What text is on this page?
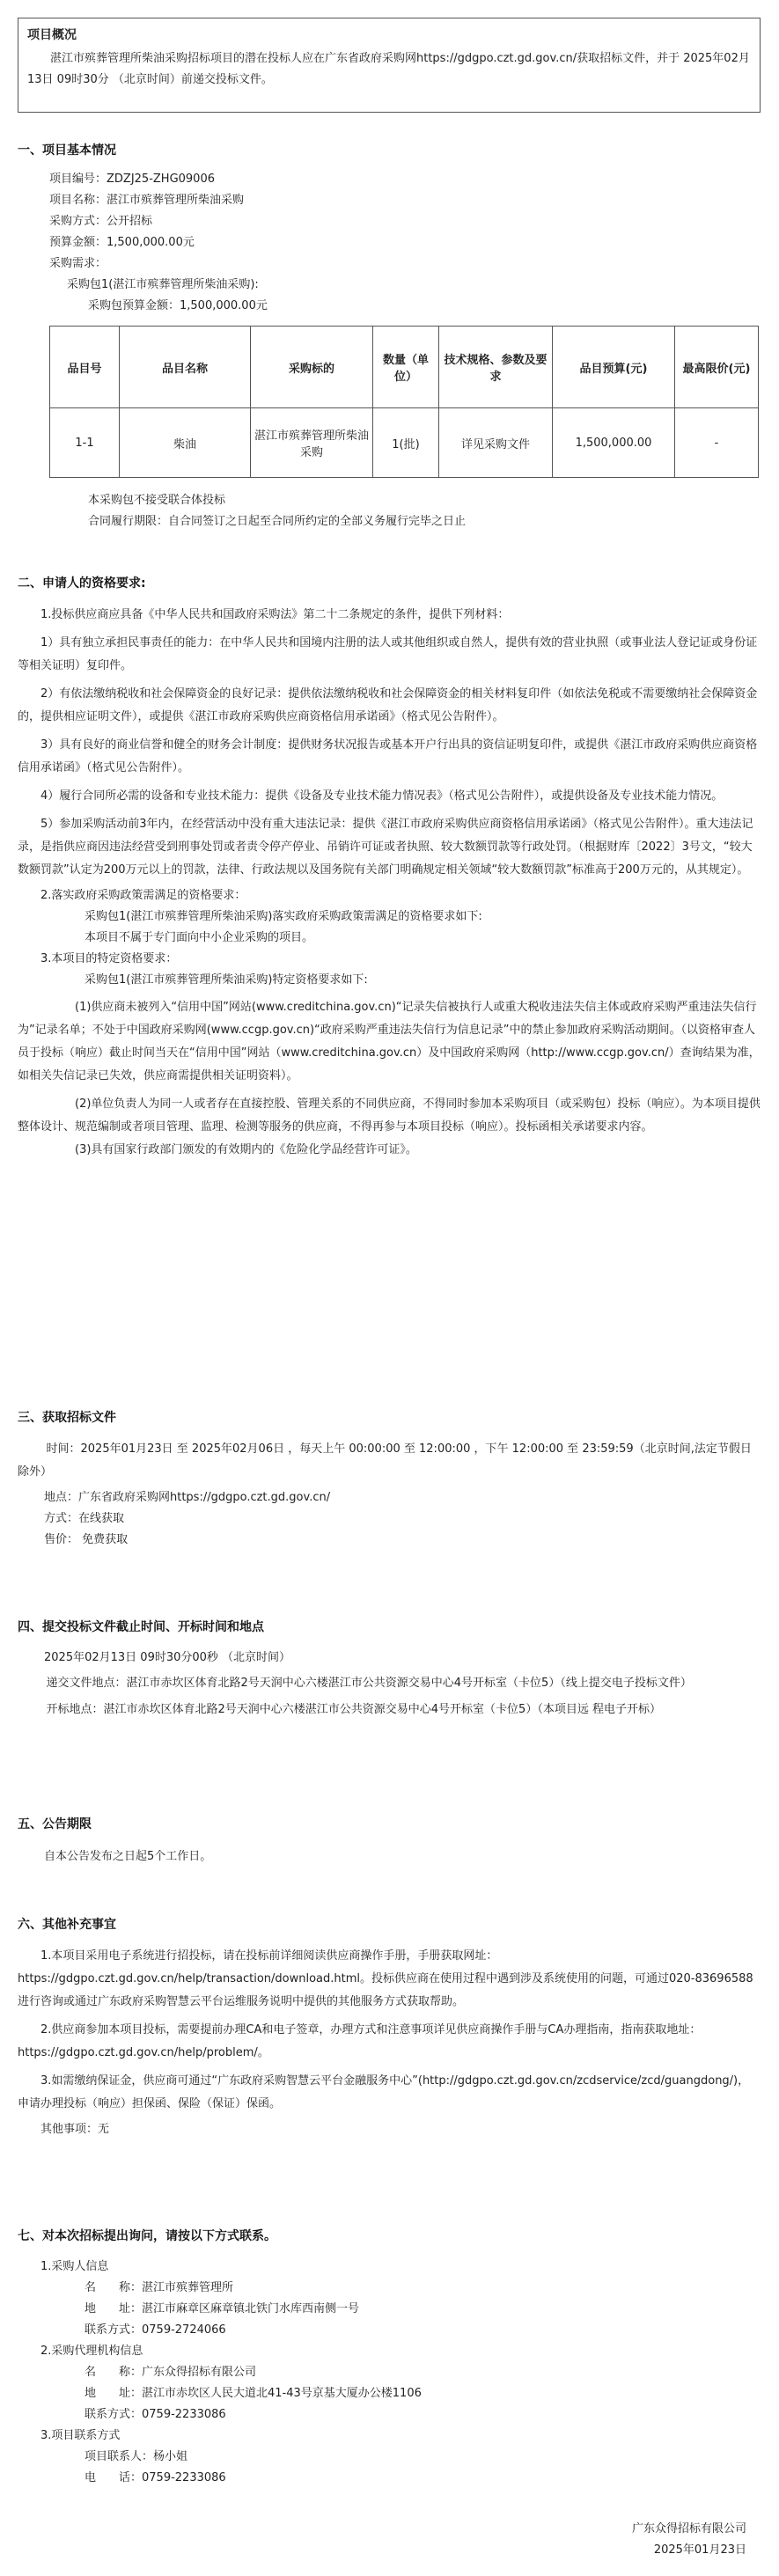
项目概况
湛江市殡葬管理所柴油采购招标项目的潜在投标人应在广东省政府采购网https://gdgpo.czt.gd.gov.cn/获取招标文件，并于 2025年02月13日 09时30分 （北京时间）前递交投标文件。
一、项目基本情况
项目编号：ZDZJ25-ZHG09006
项目名称：湛江市殡葬管理所柴油采购
采购方式：公开招标
预算金额：1,500,000.00元
采购需求：
采购包1(湛江市殡葬管理所柴油采购):
采购包预算金额：1,500,000.00元
品目号	品目名称	采购标的	数量（单位）	技术规格、参数及要求	品目预算(元)	最高限价(元)
1-1	柴油	湛江市殡葬管理所柴油采购	1(批)	详见采购文件	1,500,000.00	-
本采购包不接受联合体投标
合同履行期限：自合同签订之日起至合同所约定的全部义务履行完毕之日止
二、申请人的资格要求:
1.投标供应商应具备《中华人民共和国政府采购法》第二十二条规定的条件，提供下列材料：
1）具有独立承担民事责任的能力：在中华人民共和国境内注册的法人或其他组织或自然人，提供有效的营业执照（或事业法人登记证或身份证等相关证明）复印件。
2）有依法缴纳税收和社会保障资金的良好记录：提供依法缴纳税收和社会保障资金的相关材料复印件（如依法免税或不需要缴纳社会保障资金的，提供相应证明文件），或提供《湛江市政府采购供应商资格信用承诺函》（格式见公告附件）。
3）具有良好的商业信誉和健全的财务会计制度：提供财务状况报告或基本开户行出具的资信证明复印件，或提供《湛江市政府采购供应商资格信用承诺函》（格式见公告附件）。
4）履行合同所必需的设备和专业技术能力：提供《设备及专业技术能力情况表》（格式见公告附件），或提供设备及专业技术能力情况。
5）参加采购活动前3年内，在经营活动中没有重大违法记录：提供《湛江市政府采购供应商资格信用承诺函》（格式见公告附件）。重大违法记录，是指供应商因违法经营受到刑事处罚或者责令停产停业、吊销许可证或者执照、较大数额罚款等行政处罚。（根据财库〔2022〕3号文，“较大数额罚款”认定为200万元以上的罚款，法律、行政法规以及国务院有关部门明确规定相关领域“较大数额罚款”标准高于200万元的，从其规定）。
2.落实政府采购政策需满足的资格要求：
采购包1(湛江市殡葬管理所柴油采购)落实政府采购政策需满足的资格要求如下:
本项目不属于专门面向中小企业采购的项目。
3.本项目的特定资格要求：
采购包1(湛江市殡葬管理所柴油采购)特定资格要求如下:
(1)供应商未被列入“信用中国”网站(www.creditchina.gov.cn)“记录失信被执行人或重大税收违法失信主体或政府采购严重违法失信行为”记录名单；不处于中国政府采购网(www.ccgp.gov.cn)“政府采购严重违法失信行为信息记录”中的禁止参加政府采购活动期间。（以资格审查人员于投标（响应）截止时间当天在“信用中国”网站（www.creditchina.gov.cn）及中国政府采购网（http://www.ccgp.gov.cn/）查询结果为准，如相关失信记录已失效，供应商需提供相关证明资料）。
(2)单位负责人为同一人或者存在直接控股、管理关系的不同供应商，不得同时参加本采购项目（或采购包）投标（响应）。为本项目提供整体设计、规范编制或者项目管理、监理、检测等服务的供应商，不得再参与本项目投标（响应）。投标函相关承诺要求内容。
(3)具有国家行政部门颁发的有效期内的《危险化学品经营许可证》。
三、获取招标文件
时间：2025年01月23日 至 2025年02月06日 ，每天上午 00:00:00 至 12:00:00 ，下午 12:00:00 至 23:59:59（北京时间,法定节假日除外）
地点：广东省政府采购网https://gdgpo.czt.gd.gov.cn/
方式：在线获取
售价： 免费获取
四、提交投标文件截止时间、开标时间和地点
2025年02月13日 09时30分00秒 （北京时间）
递交文件地点：湛江市赤坎区体育北路2号天润中心六楼湛江市公共资源交易中心4号开标室（卡位5）（线上提交电子投标文件）
开标地点：湛江市赤坎区体育北路2号天润中心六楼湛江市公共资源交易中心4号开标室（卡位5）（本项目远 程电子开标）
五、公告期限
自本公告发布之日起5个工作日。
六、其他补充事宜
1.本项目采用电子系统进行招投标，请在投标前详细阅读供应商操作手册，手册获取网址：https://gdgpo.czt.gd.gov.cn/help/transaction/download.html。投标供应商在使用过程中遇到涉及系统使用的问题，可通过020-83696588 进行咨询或通过广东政府采购智慧云平台运维服务说明中提供的其他服务方式获取帮助。
2.供应商参加本项目投标，需要提前办理CA和电子签章，办理方式和注意事项详见供应商操作手册与CA办理指南，指南获取地址：https://gdgpo.czt.gd.gov.cn/help/problem/。
3.如需缴纳保证金，供应商可通过“广东政府采购智慧云平台金融服务中心”(http://gdgpo.czt.gd.gov.cn/zcdservice/zcd/guangdong/)，申请办理投标（响应）担保函、保险（保证）保函。
其他事项：无
七、对本次招标提出询问，请按以下方式联系。
1.采购人信息
名　　称：湛江市殡葬管理所
地　　址：湛江市麻章区麻章镇北铁门水库西南侧一号
联系方式：0759-2724066
2.采购代理机构信息
名　　称：广东众得招标有限公司
地　　址：湛江市赤坎区人民大道北41-43号京基大厦办公楼1106
联系方式：0759-2233086
3.项目联系方式
项目联系人：杨小姐
电　　话：0759-2233086
广东众得招标有限公司
2025年01月23日
